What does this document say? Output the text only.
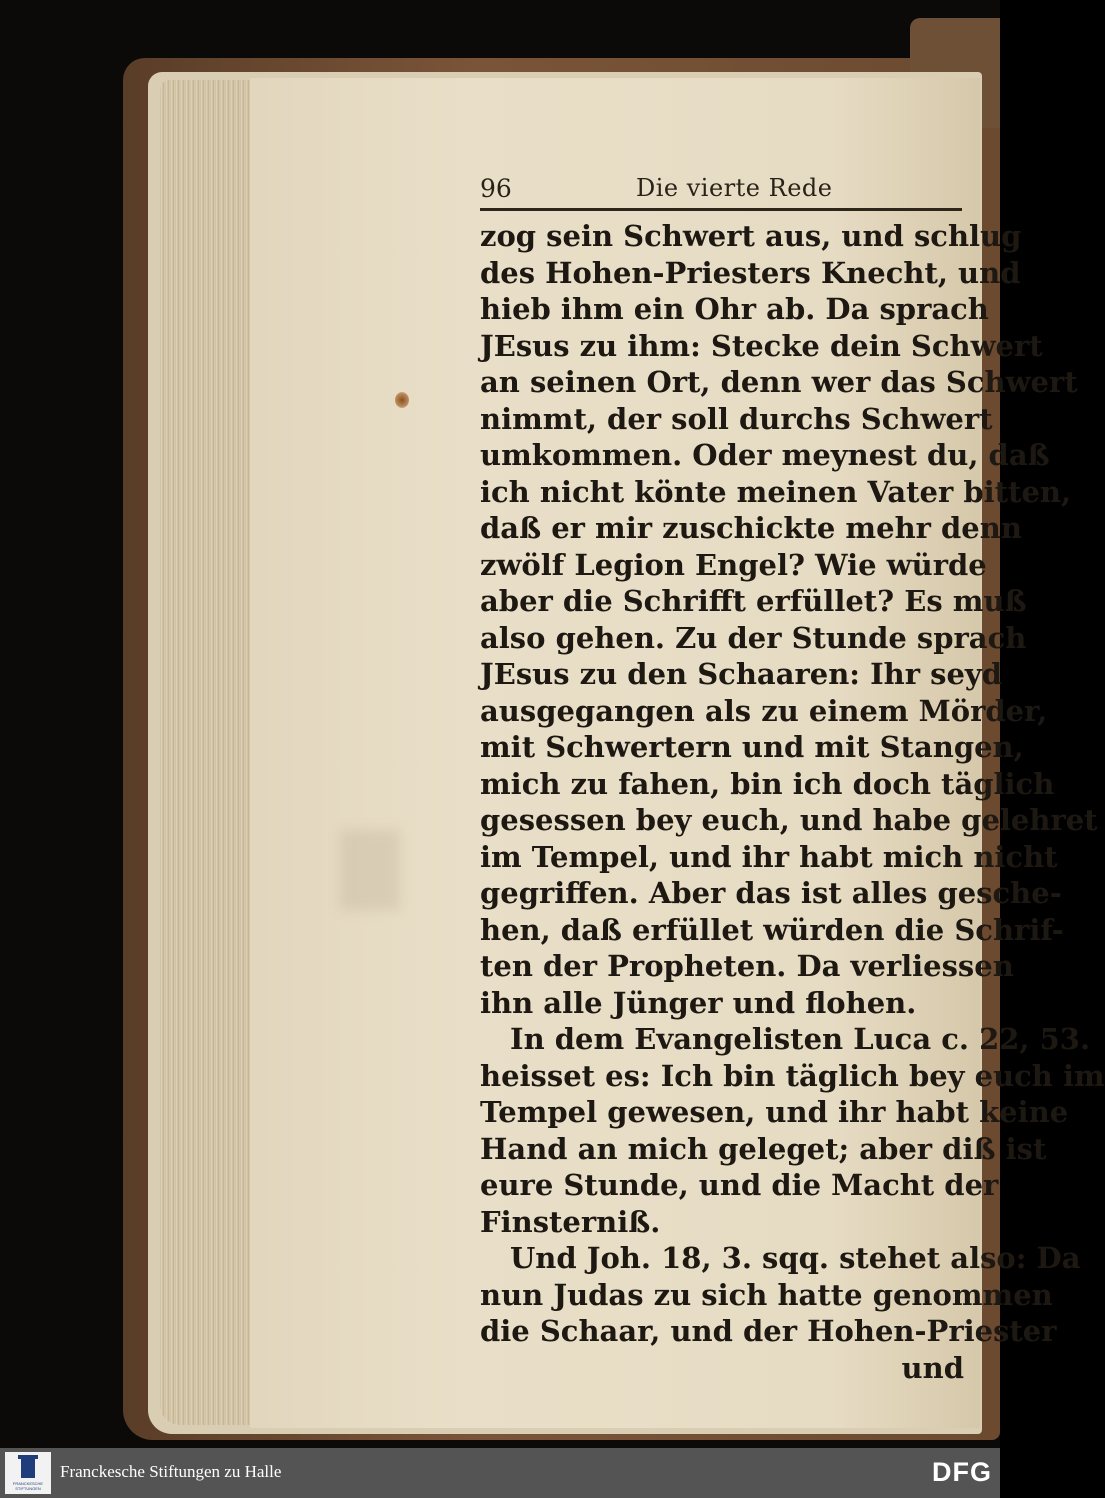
96	Die vierte Rede
zog sein Schwert aus, und schlug
des Hohen-Priesters Knecht, und
hieb ihm ein Ohr ab. Da sprach
JEsus zu ihm: Stecke dein Schwert
an seinen Ort, denn wer das Schwert
nimmt, der soll durchs Schwert
umkommen. Oder meynest du, daß
ich nicht könte meinen Vater bitten,
daß er mir zuschickte mehr denn
zwölf Legion Engel? Wie würde
aber die Schrifft erfüllet? Es muß
also gehen. Zu der Stunde sprach
JEsus zu den Schaaren: Ihr seyd
ausgegangen als zu einem Mörder,
mit Schwertern und mit Stangen,
mich zu fahen, bin ich doch täglich
gesessen bey euch, und habe gelehret
im Tempel, und ihr habt mich nicht
gegriffen. Aber das ist alles gesche-
hen, daß erfüllet würden die Schrif-
ten der Propheten. Da verliessen
ihn alle Jünger und flohen.
In dem Evangelisten Luca c. 22, 53.
heisset es: Ich bin täglich bey euch im
Tempel gewesen, und ihr habt keine
Hand an mich geleget; aber diß ist
eure Stunde, und die Macht der
Finsterniß.
Und Joh. 18, 3. sqq. stehet also: Da
nun Judas zu sich hatte genommen
die Schaar, und der Hohen-Priester
und
FRANCKESCHE STIFTUNGEN
Franckesche Stiftungen zu Halle	DFG
